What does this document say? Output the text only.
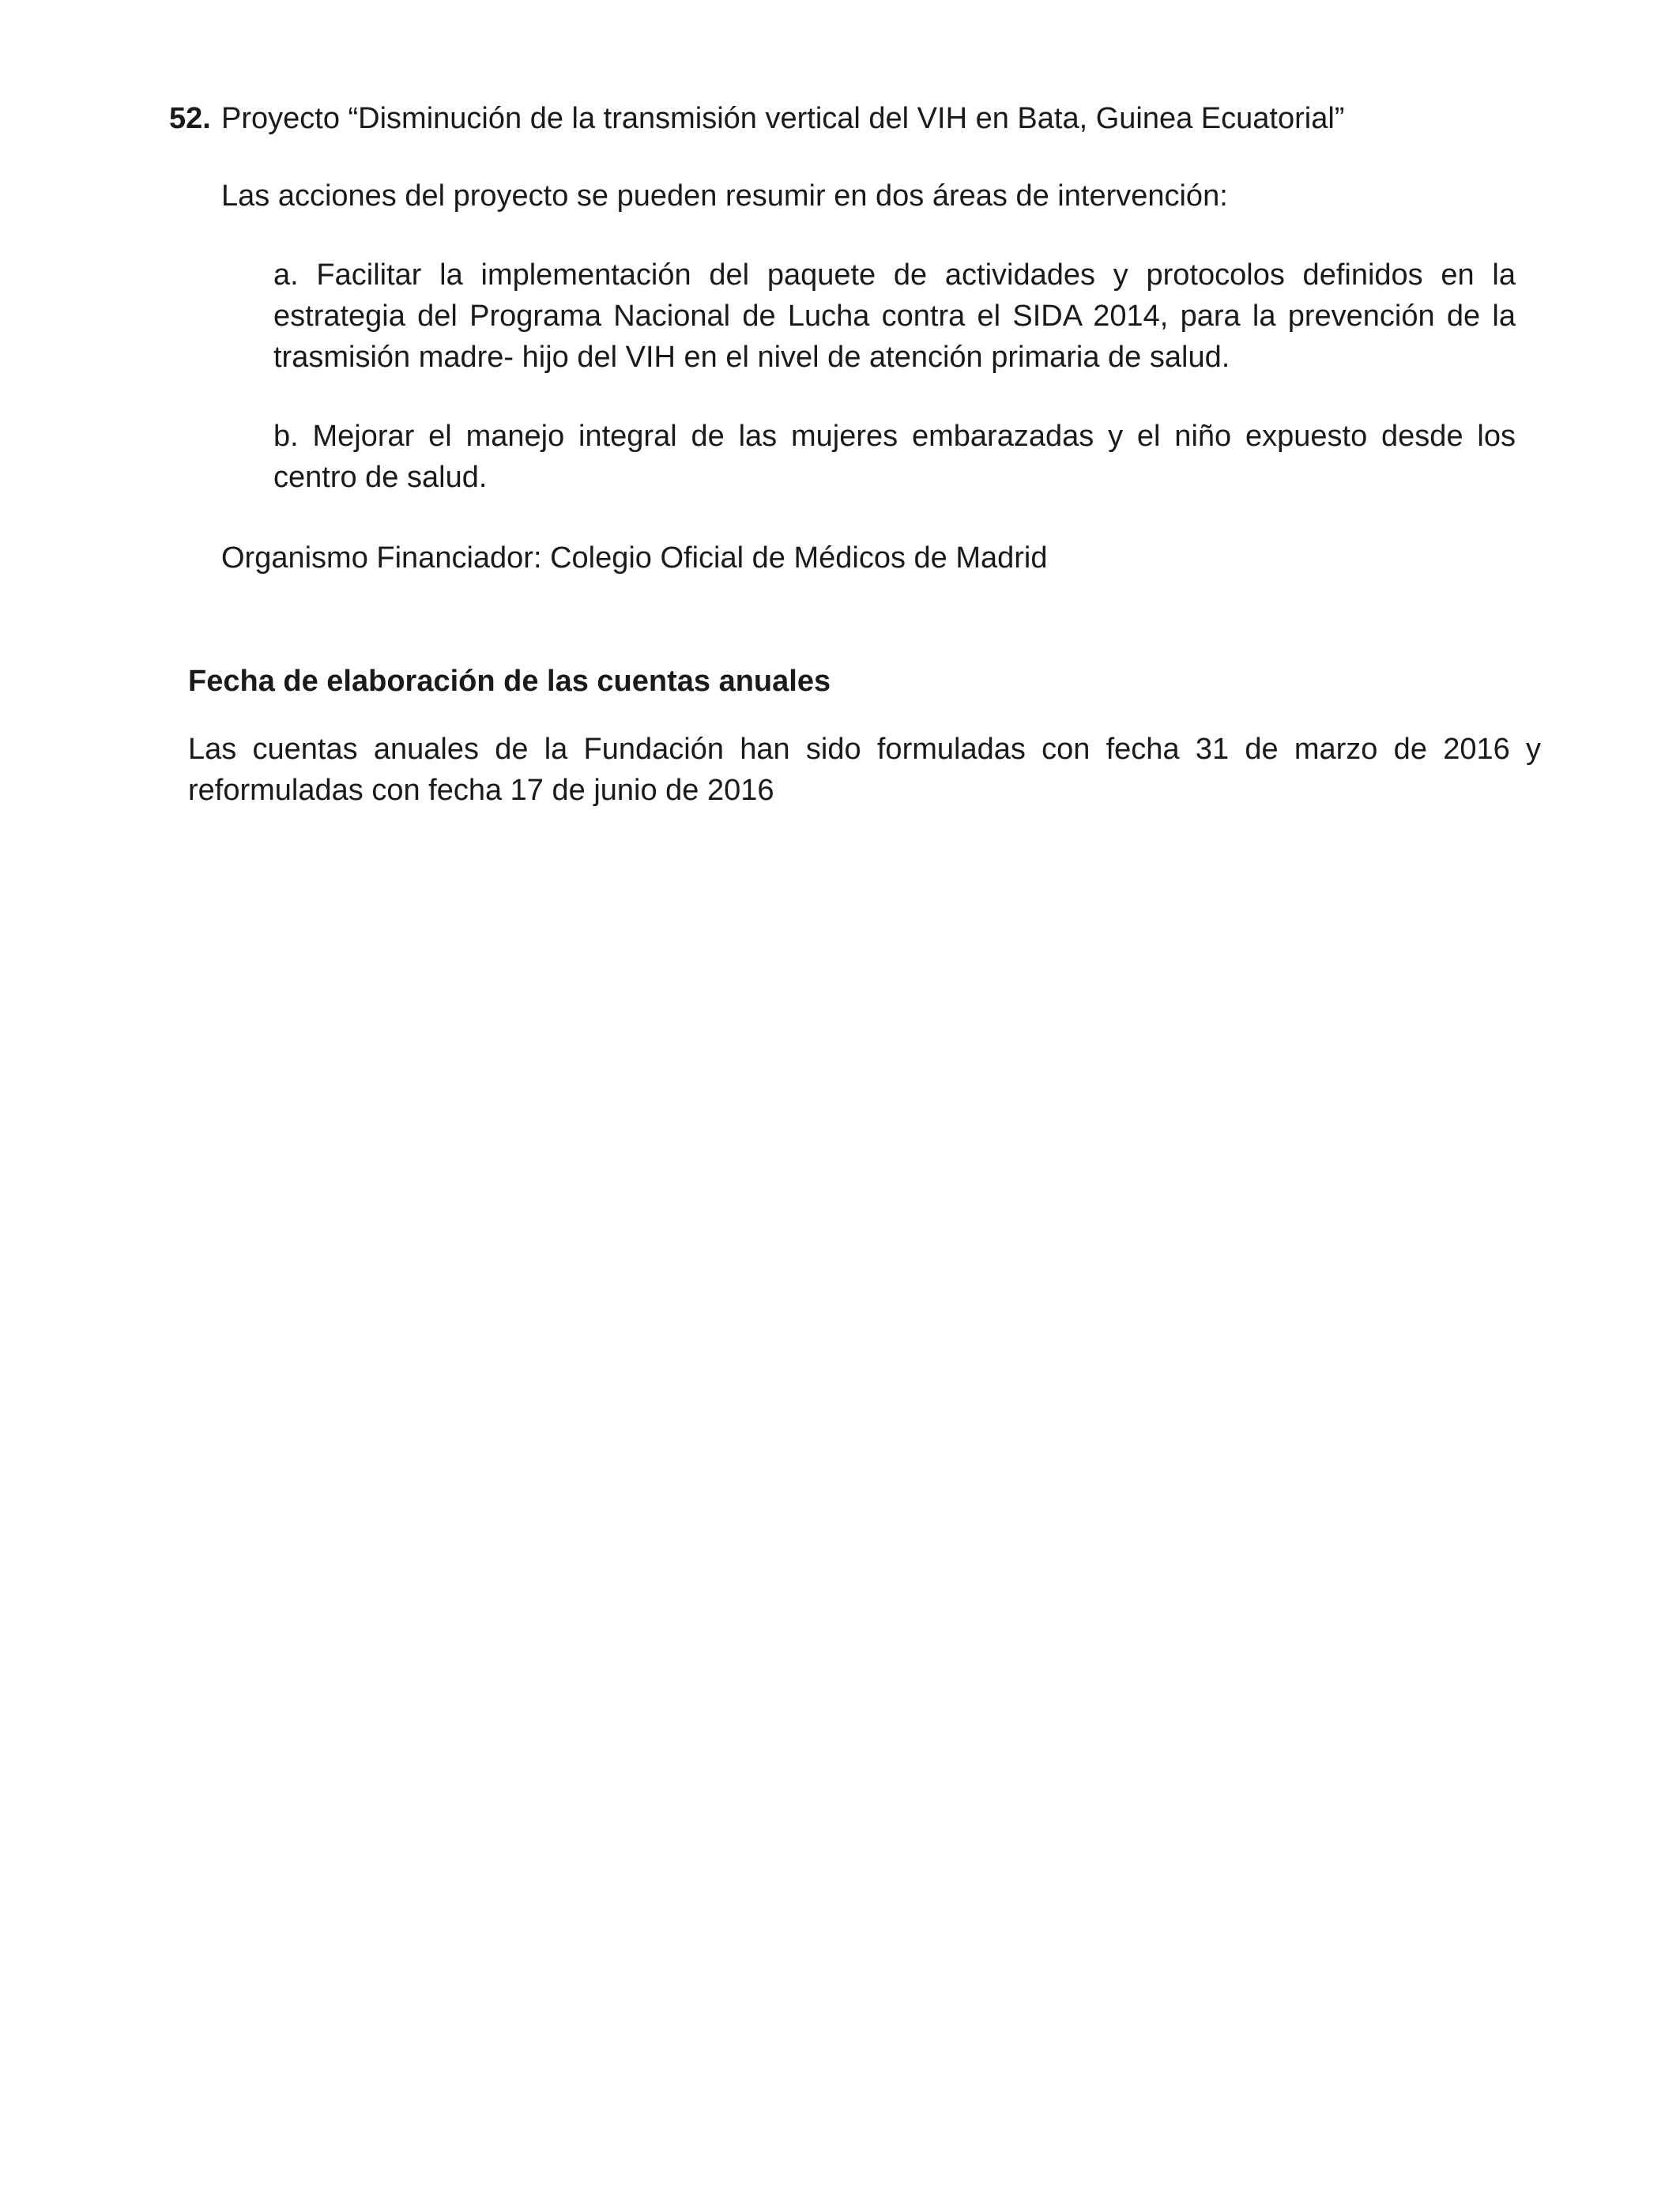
52. Proyecto “Disminución de la transmisión vertical del VIH en Bata, Guinea Ecuatorial”
Las acciones del proyecto se pueden resumir en dos áreas de intervención:
a. Facilitar la implementación del paquete de actividades y protocolos definidos en la estrategia del Programa Nacional de Lucha contra el SIDA 2014, para la prevención de la trasmisión madre- hijo del VIH en el nivel de atención primaria de salud.
b. Mejorar el manejo integral de las mujeres embarazadas y el niño expuesto desde los centro de salud.
Organismo Financiador: Colegio Oficial de Médicos de Madrid
Fecha de elaboración de las cuentas anuales
Las cuentas anuales de la Fundación han sido formuladas con fecha 31 de marzo de 2016 y reformuladas con fecha 17 de junio de 2016
